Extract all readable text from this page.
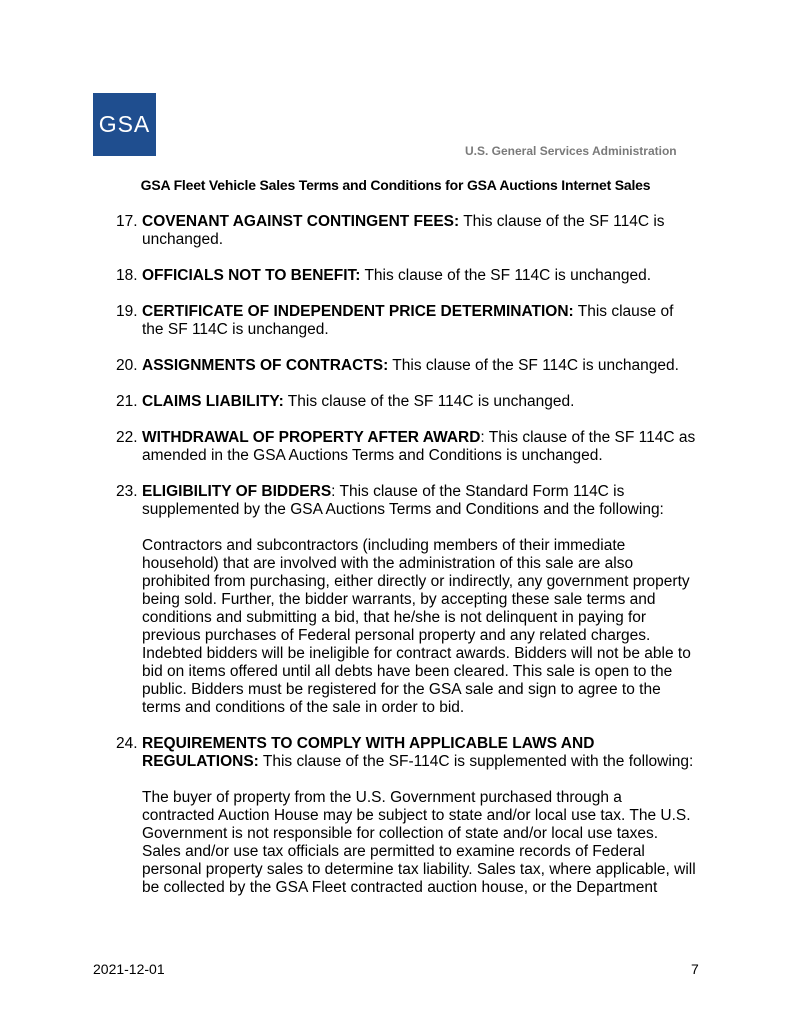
GSA
U.S. General Services Administration
GSA Fleet Vehicle Sales Terms and Conditions for GSA Auctions Internet Sales
17. COVENANT AGAINST CONTINGENT FEES: This clause of the SF 114C is unchanged.
18. OFFICIALS NOT TO BENEFIT: This clause of the SF 114C is unchanged.
19. CERTIFICATE OF INDEPENDENT PRICE DETERMINATION: This clause of the SF 114C is unchanged.
20. ASSIGNMENTS OF CONTRACTS: This clause of the SF 114C is unchanged.
21. CLAIMS LIABILITY: This clause of the SF 114C is unchanged.
22. WITHDRAWAL OF PROPERTY AFTER AWARD: This clause of the SF 114C as amended in the GSA Auctions Terms and Conditions is unchanged.
23. ELIGIBILITY OF BIDDERS: This clause of the Standard Form 114C is supplemented by the GSA Auctions Terms and Conditions and the following:
Contractors and subcontractors (including members of their immediate household) that are involved with the administration of this sale are also prohibited from purchasing, either directly or indirectly, any government property being sold. Further, the bidder warrants, by accepting these sale terms and conditions and submitting a bid, that he/she is not delinquent in paying for previous purchases of Federal personal property and any related charges. Indebted bidders will be ineligible for contract awards. Bidders will not be able to bid on items offered until all debts have been cleared. This sale is open to the public. Bidders must be registered for the GSA sale and sign to agree to the terms and conditions of the sale in order to bid.
24. REQUIREMENTS TO COMPLY WITH APPLICABLE LAWS AND REGULATIONS: This clause of the SF-114C is supplemented with the following:
The buyer of property from the U.S. Government purchased through a contracted Auction House may be subject to state and/or local use tax. The U.S. Government is not responsible for collection of state and/or local use taxes. Sales and/or use tax officials are permitted to examine records of Federal personal property sales to determine tax liability. Sales tax, where applicable, will be collected by the GSA Fleet contracted auction house, or the Department
2021-12-01	7
